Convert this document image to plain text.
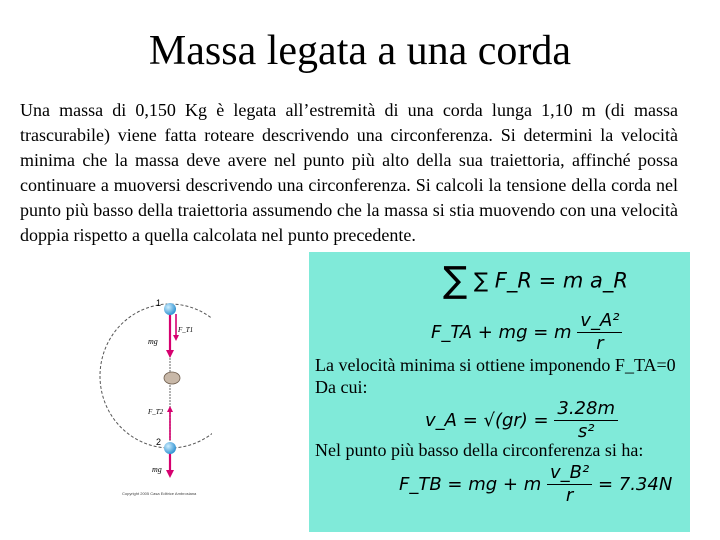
Massa legata a una corda

Una massa di 0,150 Kg è legata all’estremità di una corda lunga 1,10 m (di massa trascurabile) viene fatta roteare descrivendo una circonferenza. Si determini la velocità minima che la massa deve avere nel punto più alto della sua traiettoria, affinché possa continuare a muoversi descrivendo una circonferenza. Si calcoli la tensione della corda nel punto più basso della traiettoria assumendo che la massa si stia muovendo con una velocità doppia rispetto a quella calcolata nel punto precedente.

1
2
mg
F_T1
F_T2
mg
Copyright 2005 Casa Editrice Ambrosiana
∑ ∑ F_R = m a_R
F_TA + mg = m $\frac{\text{v\_A²}}{r}$
La velocità minima si ottiene imponendo F_TA=0
Da cui:
v_A = $√(gr) = \frac{3.28m}{\text{s²}}$
Nel punto più basso della circonferenza si ha:
F_TB = mg + m $\frac{\text{v\_B²}}{r} = 7.34N$
